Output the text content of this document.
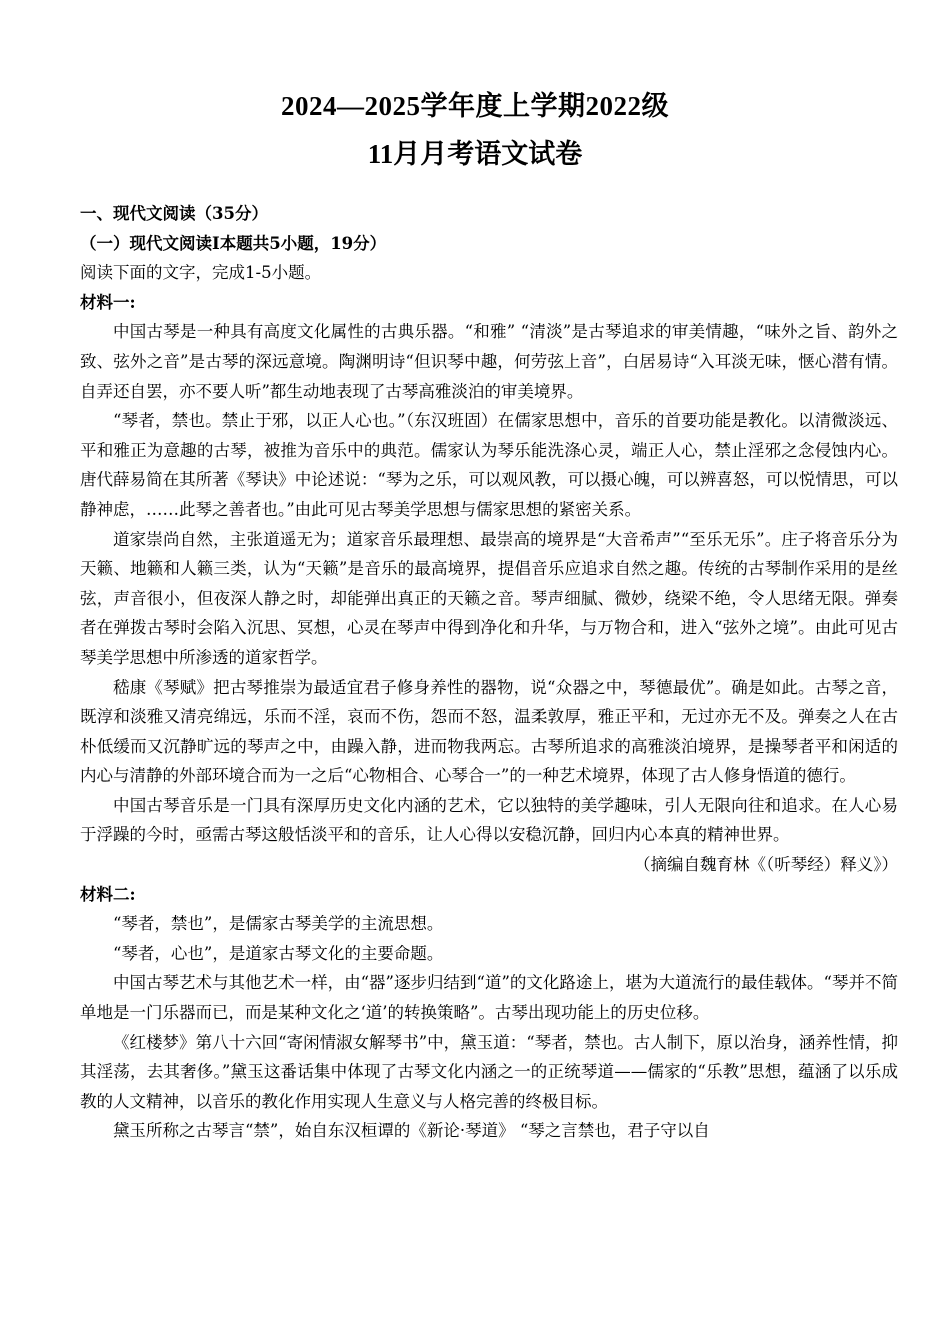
2024—2025学年度上学期2022级
11月月考语文试卷

一、现代文阅读（35分）

（一）现代文阅读Ⅰ本题共5小题，19分）

阅读下面的文字，完成1-5小题。

材料一:

中国古琴是一种具有高度文化属性的古典乐器。“和雅” “清淡”是古琴追求的审美情趣，“味外之旨、韵外之致、弦外之音”是古琴的深远意境。陶渊明诗“但识琴中趣，何劳弦上音”，白居易诗“入耳淡无味，惬心潜有情。自弄还自罢，亦不要人听”都生动地表现了古琴高雅淡泊的审美境界。

“琴者，禁也。禁止于邪，以正人心也。”（东汉班固）在儒家思想中，音乐的首要功能是教化。以清微淡远、平和雅正为意趣的古琴，被推为音乐中的典范。儒家认为琴乐能洗涤心灵，端正人心，禁止淫邪之念侵蚀内心。唐代薛易简在其所著《琴诀》中论述说：“琴为之乐，可以观风教，可以摄心魄，可以辨喜怒，可以悦情思，可以静神虑，……此琴之善者也。”由此可见古琴美学思想与儒家思想的紧密关系。

道家崇尚自然，主张道遥无为；道家音乐最理想、最崇高的境界是“大音希声”“至乐无乐”。庄子将音乐分为天籁、地籁和人籁三类，认为“天籁”是音乐的最高境界，提倡音乐应追求自然之趣。传统的古琴制作采用的是丝弦，声音很小，但夜深人静之时，却能弹出真正的天籁之音。琴声细腻、微妙，绕梁不绝，令人思绪无限。弹奏者在弹拨古琴时会陷入沉思、冥想，心灵在琴声中得到净化和升华，与万物合和，进入“弦外之境”。由此可见古琴美学思想中所渗透的道家哲学。

嵇康《琴赋》把古琴推崇为最适宜君子修身养性的器物，说“众器之中，琴德最优”。确是如此。古琴之音，既淳和淡雅又清亮绵远，乐而不淫，哀而不伤，怨而不怒，温柔敦厚，雅正平和，无过亦无不及。弹奏之人在古朴低缓而又沉静旷远的琴声之中，由躁入静，进而物我两忘。古琴所追求的高雅淡泊境界，是操琴者平和闲适的内心与清静的外部环境合而为一之后“心物相合、心琴合一”的一种艺术境界，体现了古人修身悟道的德行。

中国古琴音乐是一门具有深厚历史文化内涵的艺术，它以独特的美学趣味，引人无限向往和追求。在人心易于浮躁的今时，亟需古琴这般恬淡平和的音乐，让人心得以安稳沉静，回归内心本真的精神世界。

（摘编自魏育林《（听琴经）释义》）

材料二:

“琴者，禁也”，是儒家古琴美学的主流思想。

“琴者，心也”，是道家古琴文化的主要命题。

中国古琴艺术与其他艺术一样，由“器”逐步归结到“道”的文化路途上，堪为大道流行的最佳载体。“琴并不简单地是一门乐器而已，而是某种文化之‘道’的转换策略”。古琴出现功能上的历史位移。

《红楼梦》第八十六回“寄闲情淑女解琴书”中，黛玉道：“琴者，禁也。古人制下，原以治身，涵养性情，抑其淫荡，去其奢侈。”黛玉这番话集中体现了古琴文化内涵之一的正统琴道——儒家的“乐教”思想，蕴涵了以乐成教的人文精神，以音乐的教化作用实现人生意义与人格完善的终极目标。

黛玉所称之古琴言“禁”，始自东汉桓谭的《新论·琴道》 “琴之言禁也，君子守以自
